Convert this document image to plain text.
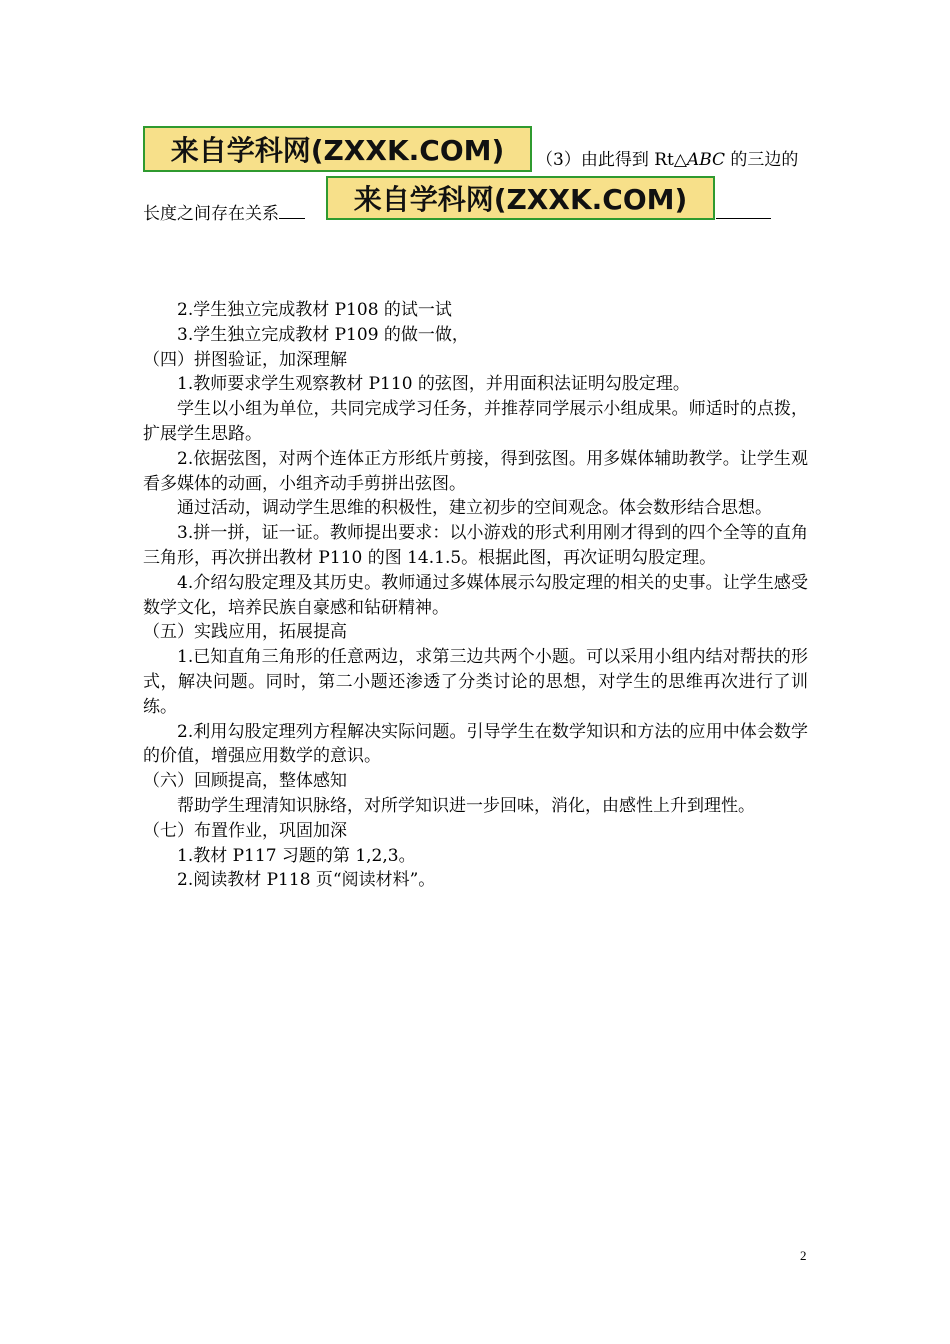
来自学科网(ZXXK.COM) （3）由此得到 Rt△ABC 的三边的
长度之间存在关系	来自学科网(ZXXK.COM)

2.学生独立完成教材 P108 的试一试

3.学生独立完成教材 P109 的做一做，

（四）拼图验证，加深理解

1.教师要求学生观察教材 P110 的弦图，并用面积法证明勾股定理。

学生以小组为单位，共同完成学习任务，并推荐同学展示小组成果。师适时的点拨，扩展学生思路。

2.依据弦图，对两个连体正方形纸片剪接，得到弦图。用多媒体辅助教学。让学生观看多媒体的动画，小组齐动手剪拼出弦图。

通过活动，调动学生思维的积极性，建立初步的空间观念。体会数形结合思想。

3.拼一拼，证一证。教师提出要求：以小游戏的形式利用刚才得到的四个全等的直角三角形，再次拼出教材 P110 的图 14.1.5。根据此图，再次证明勾股定理。

4.介绍勾股定理及其历史。教师通过多媒体展示勾股定理的相关的史事。让学生感受数学文化，培养民族自豪感和钻研精神。

（五）实践应用，拓展提高

1.已知直角三角形的任意两边，求第三边共两个小题。可以采用小组内结对帮扶的形式，解决问题。同时，第二小题还渗透了分类讨论的思想，对学生的思维再次进行了训练。

2.利用勾股定理列方程解决实际问题。引导学生在数学知识和方法的应用中体会数学的价值，增强应用数学的意识。

（六）回顾提高，整体感知

帮助学生理清知识脉络，对所学知识进一步回味，消化，由感性上升到理性。

（七）布置作业，巩固加深

1.教材 P117 习题的第 1,2,3。

2.阅读教材 P118 页“阅读材料”。

2
